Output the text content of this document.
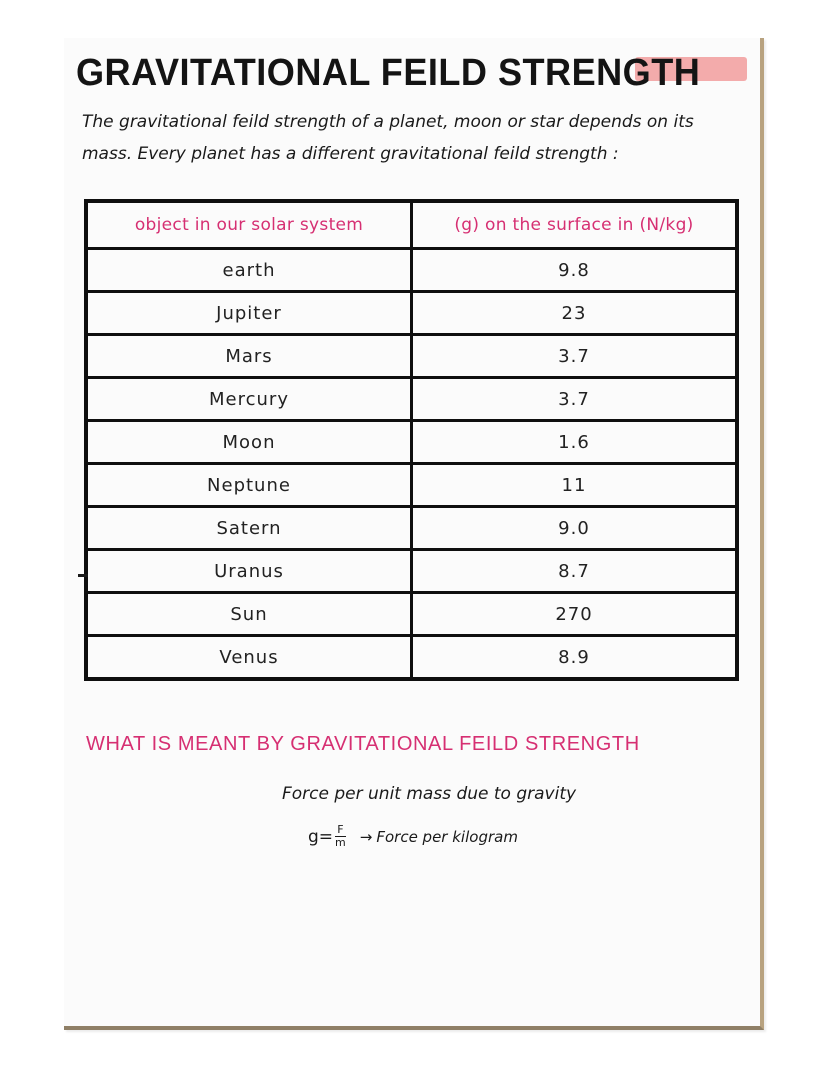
GRAVITATIONAL FEILD STRENGTH
The gravitational feild strength of a planet, moon or star depends on its mass. Every planet has a different gravitational feild strength :
object in our solar system	(g) on the surface in (N/kg)
earth	9.8
Jupiter	23
Mars	3.7
Mercury	3.7
Moon	1.6
Neptune	11
Satern	9.0
Uranus	8.7
Sun	270
Venus	8.9
WHAT IS MEANT BY GRAVITATIONAL FEILD STRENGTH
Force per unit mass due to gravity
$g= \frac{F}{m}$ → Force per kilogram
